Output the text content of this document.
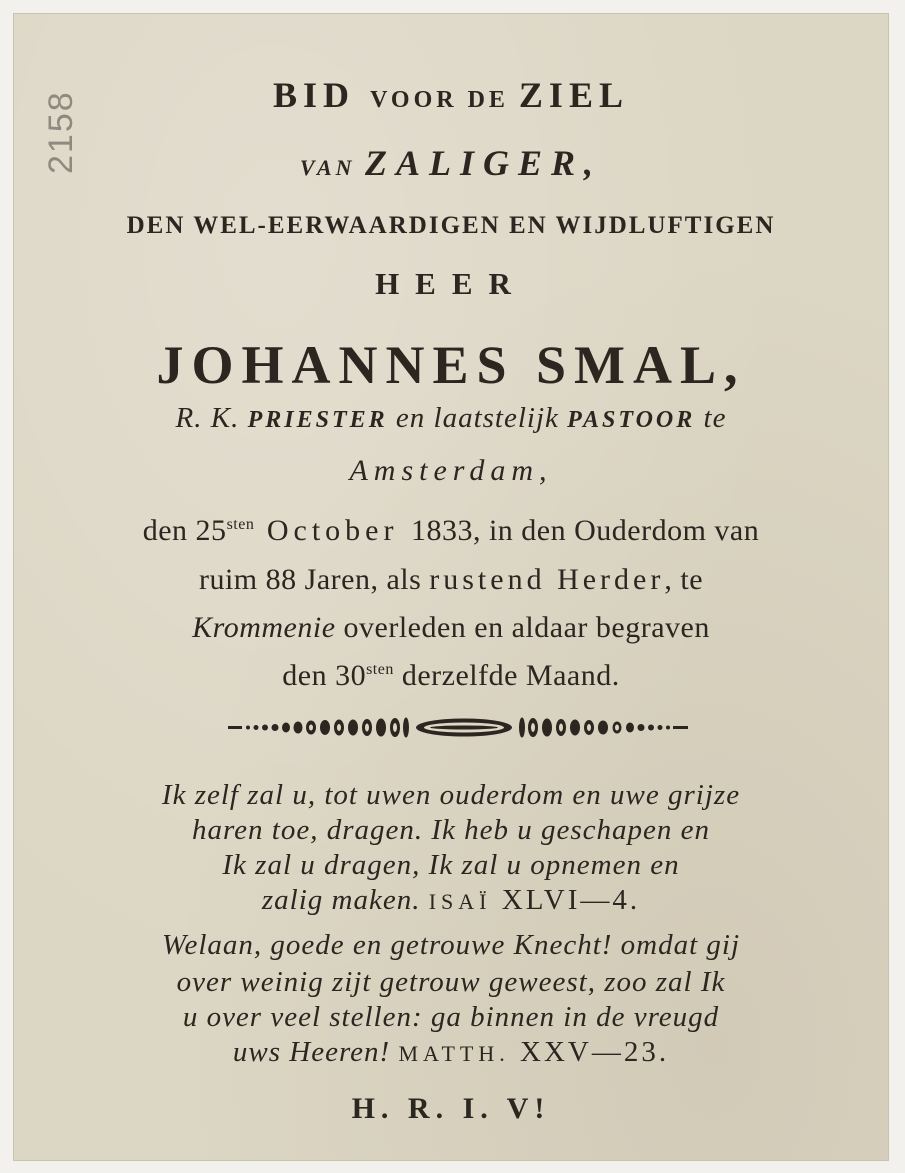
2158	BID VOOR DE ZIEL
VAN ZALIGER,
DEN WEL-EERWAARDIGEN EN WIJDLUFTIGEN
HEER
JOHANNES SMAL,
R. K. PRIESTER en laatstelijk PASTOOR te
Amsterdam,
den $25^{sten}$ October 1833, in den Ouderdom van
ruim 88 Jaren, als rustend Herder, te
Krommenie overleden en aldaar begraven
den $30^{sten}$ derzelfde Maand.
Ik zelf zal u, tot uwen ouderdom en uwe grijze
haren toe, dragen. Ik heb u geschapen en
Ik zal u dragen, Ik zal u opnemen en
zalig maken. ISAÏ XLVI—4.
Welaan, goede en getrouwe Knecht! omdat gij
over weinig zijt getrouw geweest, zoo zal Ik
u over veel stellen: ga binnen in de vreugd
uws Heeren! MATTH. XXV—23.
H. R. I. V!
